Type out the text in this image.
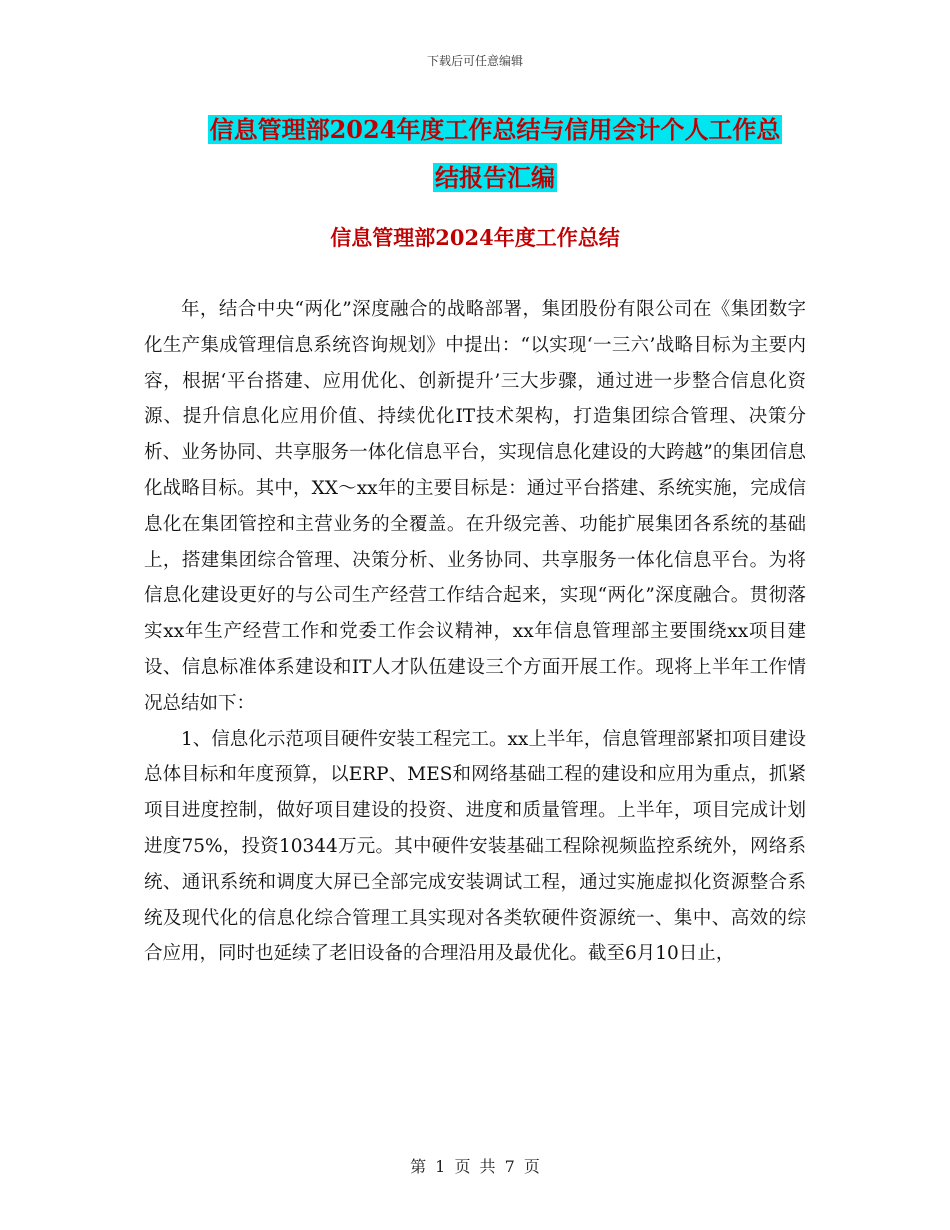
下载后可任意编辑
信息管理部2024年度工作总结与信用会计个人工作总
结报告汇编
信息管理部2024年度工作总结

年，结合中央“两化”深度融合的战略部署，集团股份有限公司在《集团数字化生产集成管理信息系统咨询规划》中提出：“以实现‘一三六’战略目标为主要内容，根据‘平台搭建、应用优化、创新提升’三大步骤，通过进一步整合信息化资源、提升信息化应用价值、持续优化IT技术架构，打造集团综合管理、决策分析、业务协同、共享服务一体化信息平台，实现信息化建设的大跨越”的集团信息化战略目标。其中，XX～xx年的主要目标是：通过平台搭建、系统实施，完成信息化在集团管控和主营业务的全覆盖。在升级完善、功能扩展集团各系统的基础上，搭建集团综合管理、决策分析、业务协同、共享服务一体化信息平台。为将信息化建设更好的与公司生产经营工作结合起来，实现“两化”深度融合。贯彻落实xx年生产经营工作和党委工作会议精神，xx年信息管理部主要围绕xx项目建设、信息标准体系建设和IT人才队伍建设三个方面开展工作。现将上半年工作情况总结如下：

1、信息化示范项目硬件安装工程完工。xx上半年，信息管理部紧扣项目建设总体目标和年度预算，以ERP、MES和网络基础工程的建设和应用为重点，抓紧项目进度控制，做好项目建设的投资、进度和质量管理。上半年，项目完成计划进度75%，投资10344万元。其中硬件安装基础工程除视频监控系统外，网络系统、通讯系统和调度大屏已全部完成安装调试工程，通过实施虚拟化资源整合系统及现代化的信息化综合管理工具实现对各类软硬件资源统一、集中、高效的综合应用，同时也延续了老旧设备的合理沿用及最优化。截至6月10日止，

第 1 页 共 7 页
